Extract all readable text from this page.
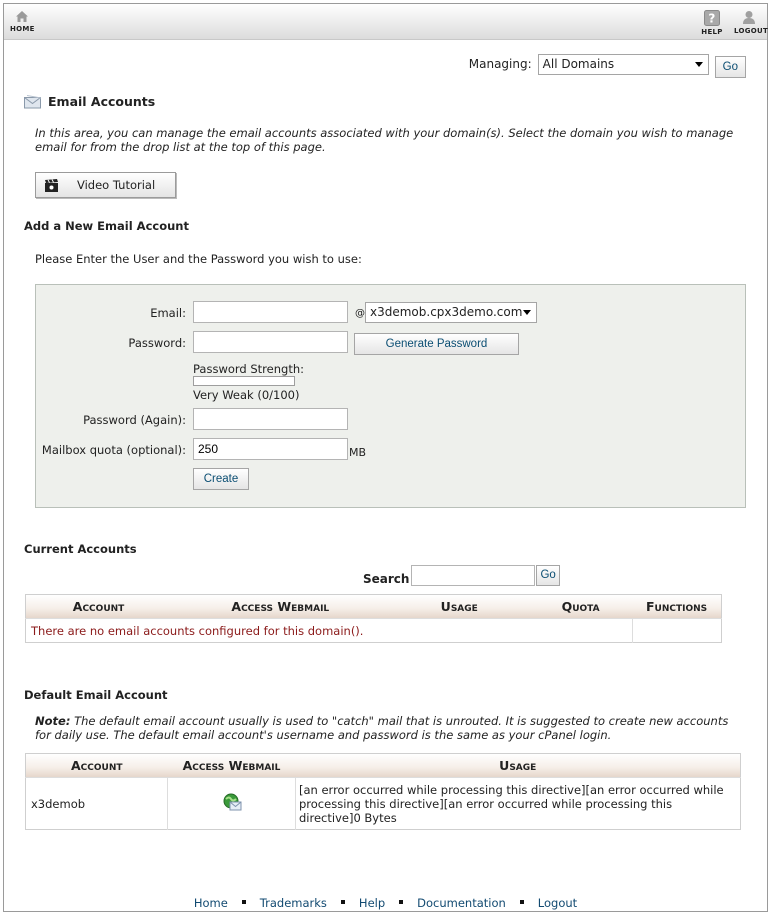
HOME
?
HELP LOGOUT
Managing: All Domains	Go
Email Accounts
In this area, you can manage the email accounts associated with your domain(s). Select the domain you wish to manage email for from the drop list at the top of this page.
Video Tutorial
Add a New Email Account
Please Enter the User and the Password you wish to use:
Email:	@ x3demob.cpx3demo.com
Password:	Generate Password
Password Strength:
Very Weak (0/100)
Password (Again):
Mailbox quota (optional):
250	MB
Create
Current Accounts
Search	Go
Account	Access Webmail	Usage	Quota	Functions
There are no email accounts configured for this domain().				
Default Email Account
Note: The default email account usually is used to "catch" mail that is unrouted. It is suggested to create new accounts for daily use. The default email account's username and password is the same as your cPanel login.
Account	Access Webmail	Usage
x3demob		[an error occurred while processing this directive][an error occurred while processing this directive][an error occurred while processing this directive]0 Bytes
Home	Trademarks	Help	Documentation	Logout
